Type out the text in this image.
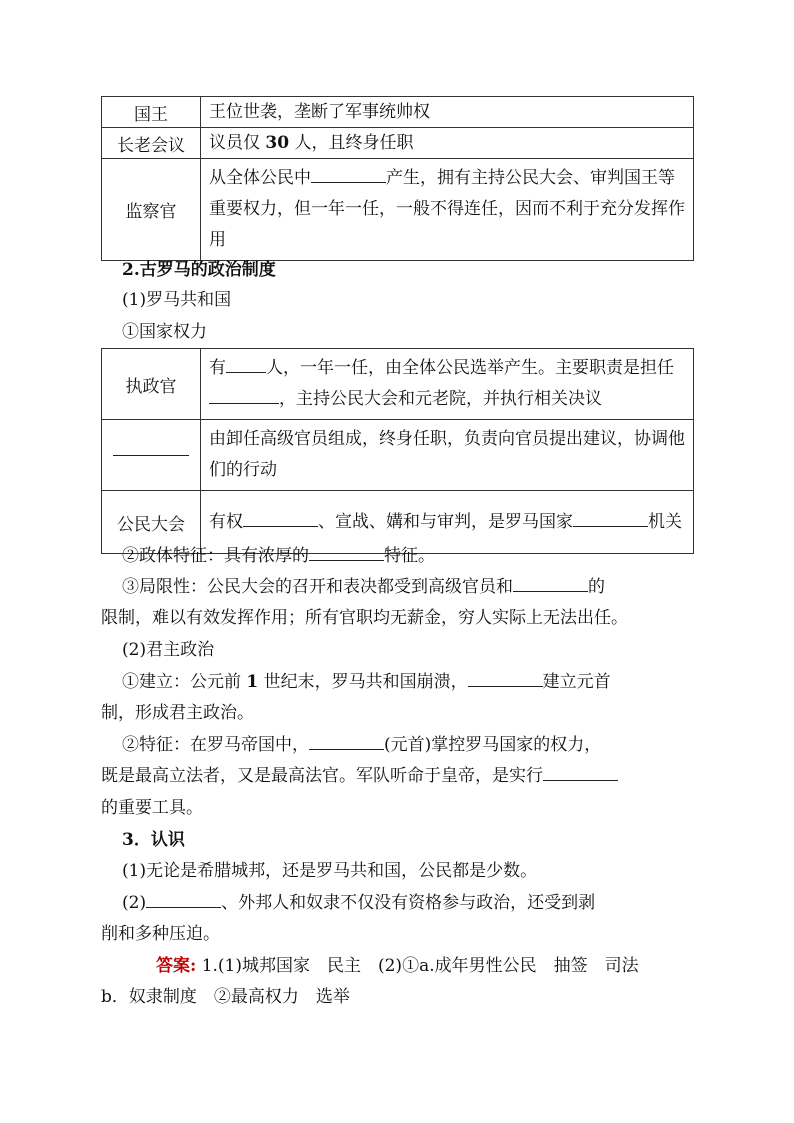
国王	王位世袭，垄断了军事统帅权
长老会议	议员仅 30 人，且终身任职
监察官	从全体公民中 产生，拥有主持公民大会、审判国王等重要权力，但一年一任，一般不得连任，因而不利于充分发挥作用
2.古罗马的政治制度
(1)罗马共和国
①国家权力
执政官	有 人，一年一任，由全体公民选举产生。主要职责是担任，主持公民大会和元老院，并执行相关决议

	由卸任高级官员组成，终身任职，负责向官员提出建议，协调他们的行动
公民大会	有权 、宣战、媾和与审判，是罗马国家 机关
②政体特征：具有浓厚的	特征。
③局限性：公民大会的召开和表决都受到高级官员和	的
限制，难以有效发挥作用；所有官职均无薪金，穷人实际上无法出任。
(2)君主政治
①建立：公元前 1 世纪末，罗马共和国崩溃，	建立元首
制，形成君主政治。
②特征：在罗马帝国中，	(元首)掌控罗马国家的权力，
既是最高立法者，又是最高法官。军队听命于皇帝，是实行
的重要工具。
3．认识
(1)无论是希腊城邦，还是罗马共和国，公民都是少数。
(2)	、外邦人和奴隶不仅没有资格参与政治，还受到剥
削和多种压迫。
答案: 1.(1)城邦国家　民主　(2)①a.成年男性公民　抽签　司法
b．奴隶制度　②最高权力　选举
